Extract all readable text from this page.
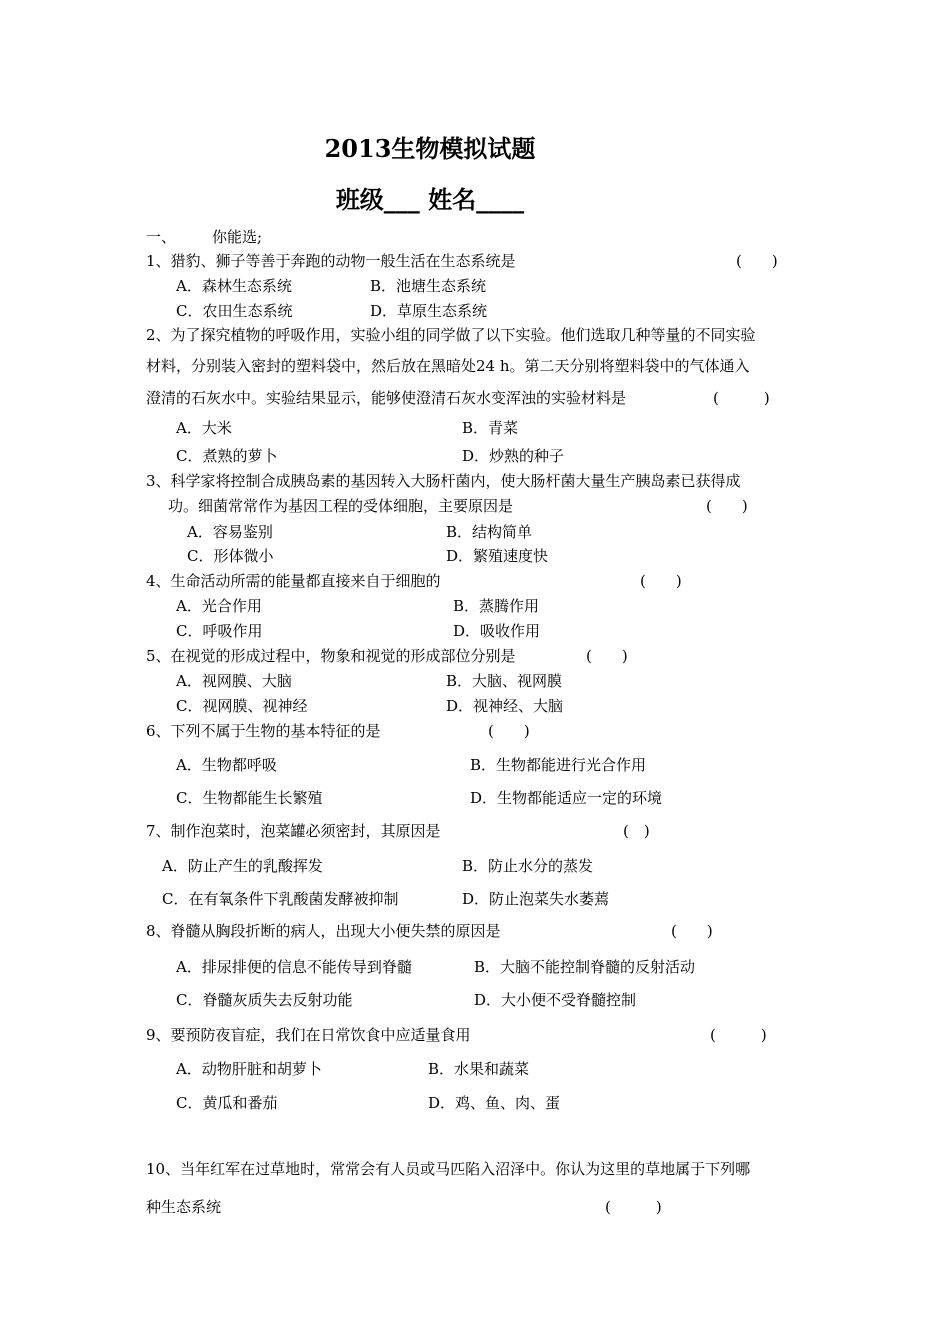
2013生物模拟试题
班级___ 姓名____
一、 你能选;
1、猎豹、狮子等善于奔跑的动物一般生活在生态系统是	(　　)
A．森林生态系统	B．池塘生态系统
C．农田生态系统	D．草原生态系统
2、为了探究植物的呼吸作用，实验小组的同学做了以下实验。他们选取几种等量的不同实验
材料，分别装入密封的塑料袋中，然后放在黑暗处24 h。第二天分别将塑料袋中的气体通入
澄清的石灰水中。实验结果显示，能够使澄清石灰水变浑浊的实验材料是	(　　　)
A．大米	B．青菜
C．煮熟的萝卜	D．炒熟的种子
3、科学家将控制合成胰岛素的基因转入大肠杆菌内，使大肠杆菌大量生产胰岛素已获得成
功。细菌常常作为基因工程的受体细胞，主要原因是	(　　)
A．容易鉴别	B．结构简单
C．形体微小	D．繁殖速度快
4、生命活动所需的能量都直接来自于细胞的	(　　)
A．光合作用	B．蒸腾作用
C．呼吸作用	D．吸收作用
5、在视觉的形成过程中，物象和视觉的形成部位分别是	(　　)
A．视网膜、大脑	B．大脑、视网膜
C．视网膜、视神经	D．视神经、大脑
6、下列不属于生物的基本特征的是	(　　)
A．生物都呼吸	B．生物都能进行光合作用
C．生物都能生长繁殖	D．生物都能适应一定的环境
7、制作泡菜时，泡菜罐必须密封，其原因是	(　)
A．防止产生的乳酸挥发	B．防止水分的蒸发
C．在有氧条件下乳酸菌发酵被抑制	D．防止泡菜失水萎蔫
8、脊髓从胸段折断的病人，出现大小便失禁的原因是	(　　)
A．排尿排便的信息不能传导到脊髓	B．大脑不能控制脊髓的反射活动
C．脊髓灰质失去反射功能	D．大小便不受脊髓控制
9、要预防夜盲症，我们在日常饮食中应适量食用	(　　　)
A．动物肝脏和胡萝卜	B．水果和蔬菜
C．黄瓜和番茄	D．鸡、鱼、肉、蛋
10、当年红军在过草地时，常常会有人员或马匹陷入沼泽中。你认为这里的草地属于下列哪
种生态系统	(　　　)
